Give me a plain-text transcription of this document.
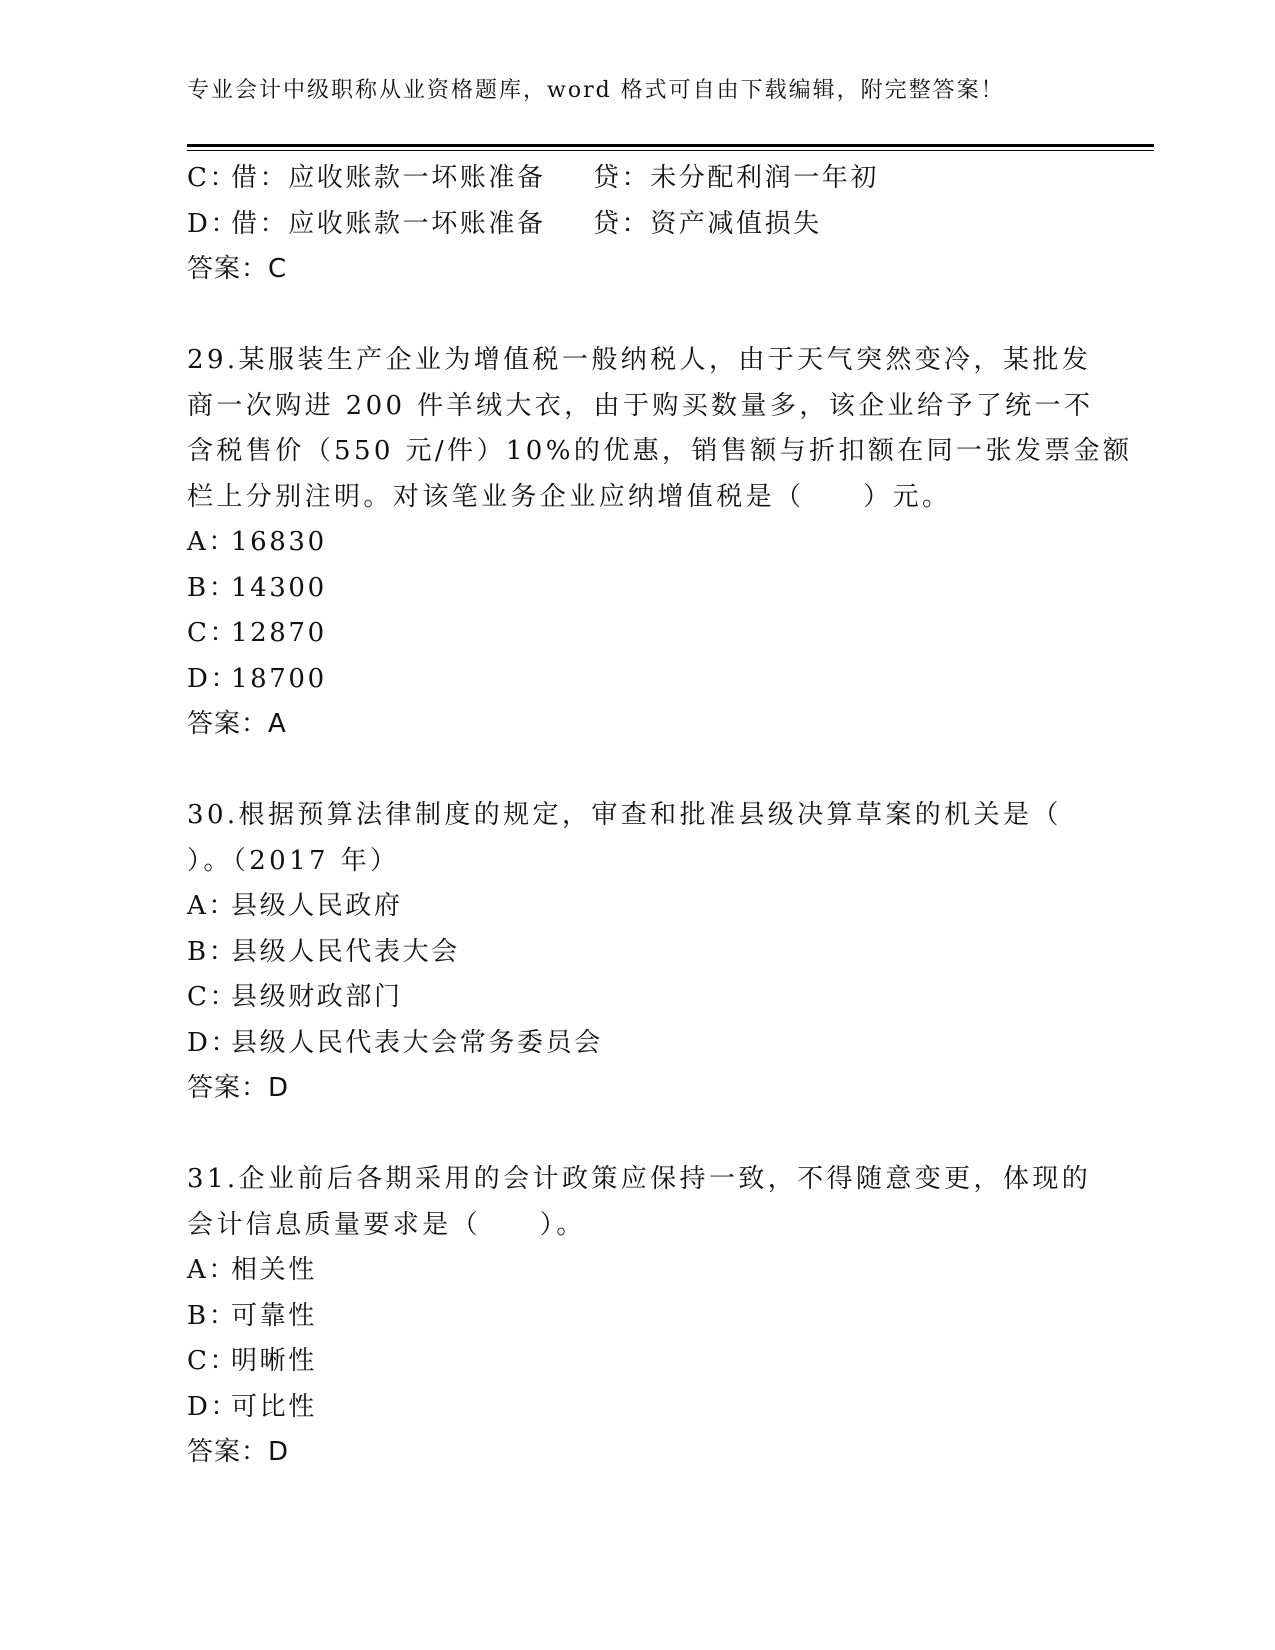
专业会计中级职称从业资格题库，word 格式可自由下载编辑，附完整答案！
C：借：应收账款一坏账准备 贷：未分配利润一年初
D：借：应收账款一坏账准备 贷：资产减值损失
答案：C
29.某服装生产企业为增值税一般纳税人，由于天气突然变冷，某批发
商一次购进 200 件羊绒大衣，由于购买数量多，该企业给予了统一不
含税售价（550 元/件）10%的优惠，销售额与折扣额在同一张发票金额
栏上分别注明。对该笔业务企业应纳增值税是（　　）元。
A：16830
B：14300
C：12870
D：18700
答案：A
30.根据预算法律制度的规定，审查和批准县级决算草案的机关是（
）。（2017 年）
A：县级人民政府
B：县级人民代表大会
C：县级财政部门
D：县级人民代表大会常务委员会
答案：D
31.企业前后各期采用的会计政策应保持一致，不得随意变更，体现的
会计信息质量要求是（　　）。
A：相关性
B：可靠性
C：明晰性
D：可比性
答案：D
